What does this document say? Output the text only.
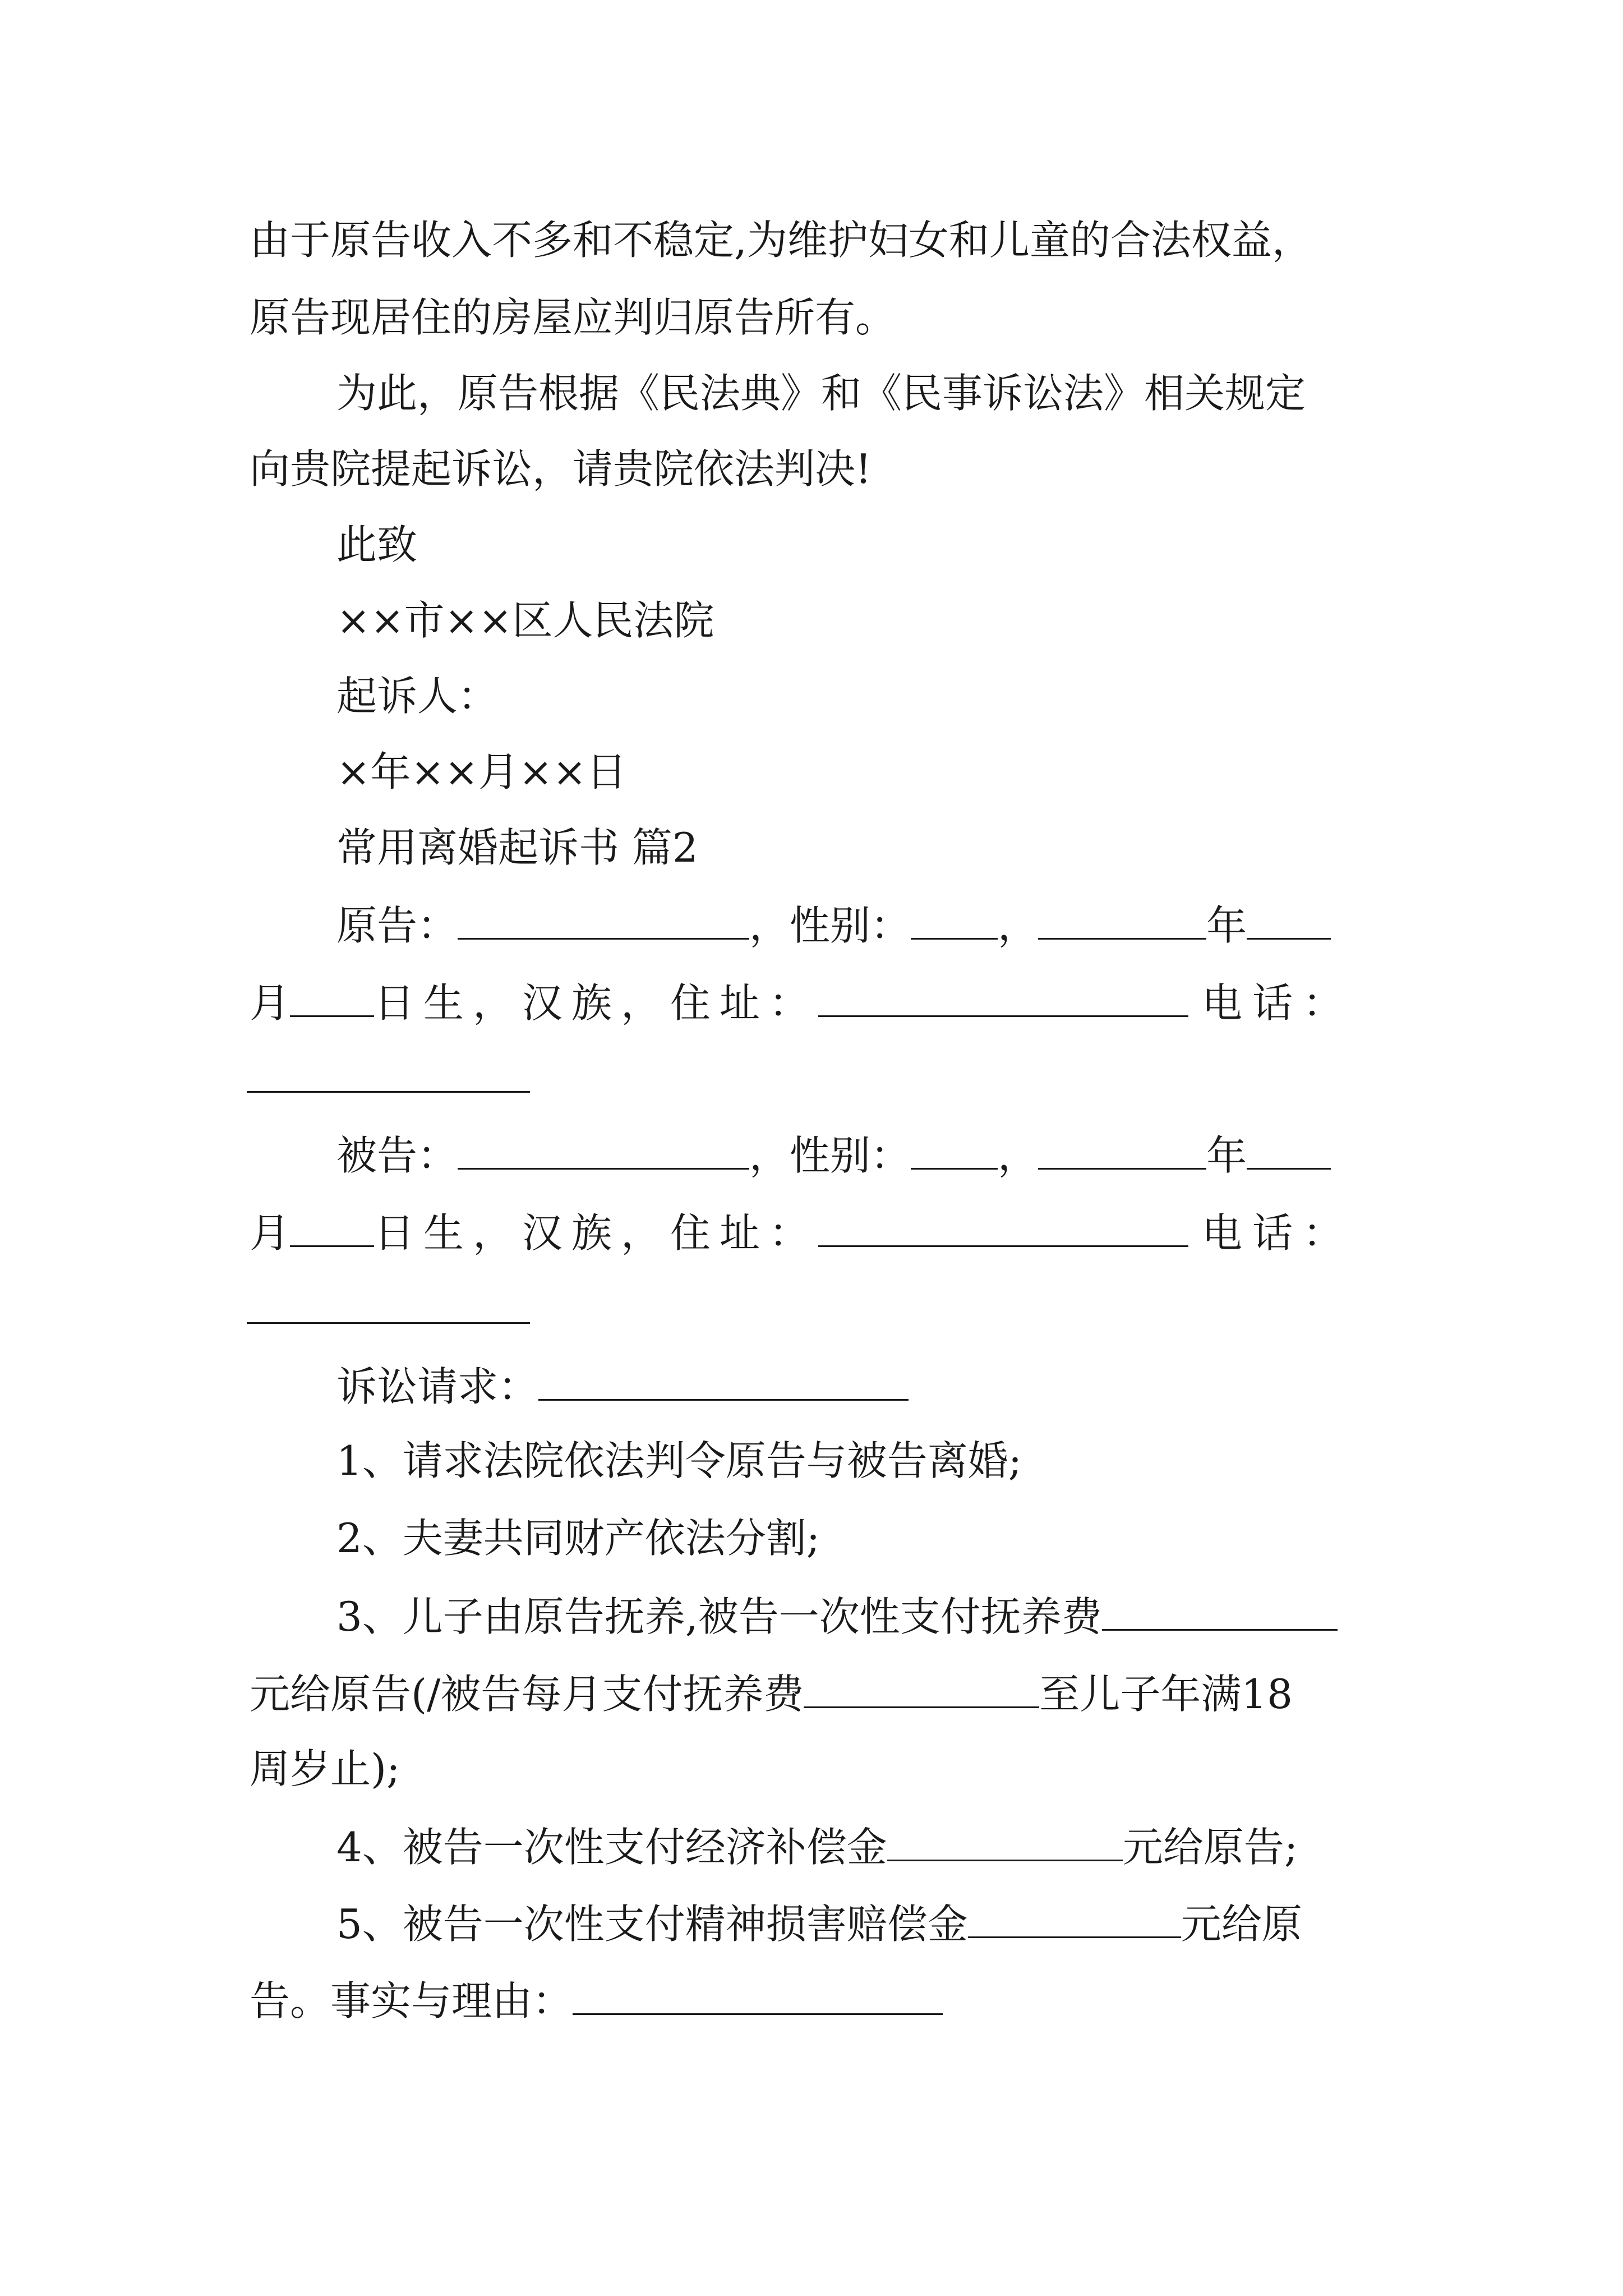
由于原告收入不多和不稳定,为维护妇女和儿童的合法权益，
原告现居住的房屋应判归原告所有。
为此，原告根据《民法典》和《民事诉讼法》相关规定
向贵院提起诉讼，请贵院依法判决!
此致
××市××区人民法院
起诉人：
×年××月××日
常用离婚起诉书 篇2
原告：	，性别： ，	年
月 日生，汉族，住址：	电话：
被告：	，性别： ，	年
月 日生，汉族，住址：	电话：
诉讼请求：
1、请求法院依法判令原告与被告离婚;
2、夫妻共同财产依法分割;
3、儿子由原告抚养,被告一次性支付抚养费
元给原告(/被告每月支付抚养费	至儿子年满18
周岁止);
4、被告一次性支付经济补偿金	元给原告;
5、被告一次性支付精神损害赔偿金	元给原
告。事实与理由：
